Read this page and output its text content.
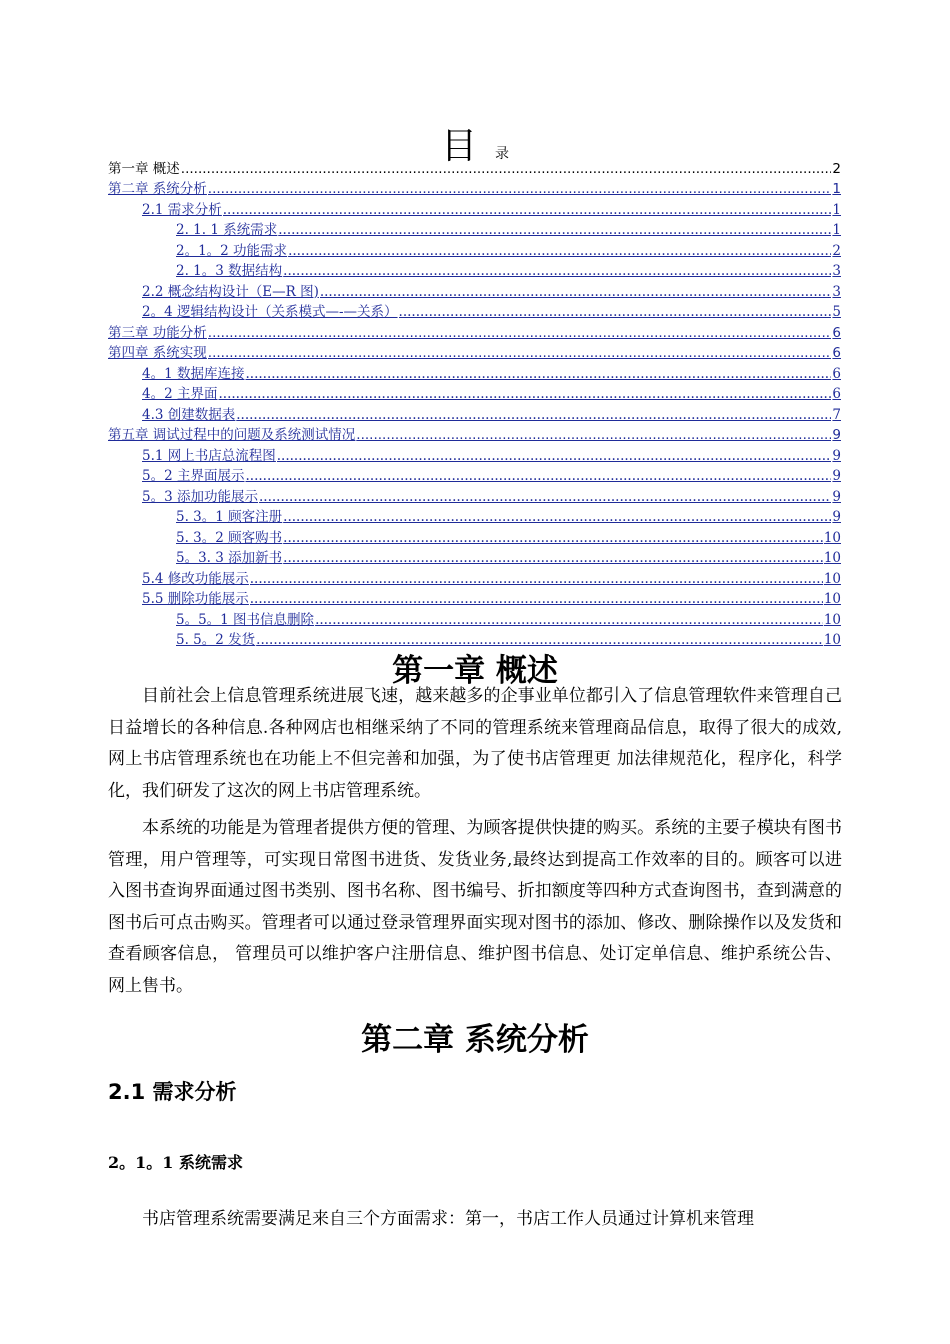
目 录
第一章 概述 .....	2
第二章 系统分析 .....	1
2.1 需求分析 .....	1
2. 1. 1 系统需求 .....	1
2。1。2 功能需求 .....	2
2. 1。3 数据结构 .....	3
2.2 概念结构设计（E—R 图) .....	3
2。4 逻辑结构设计（关系模式—-—关系） .....	5
第三章 功能分析 .....	6
第四章 系统实现 .....	6
4。1 数据库连接 .....	6
4。2 主界面 .....	6
4.3 创建数据表 .....	7
第五章 调试过程中的问题及系统测试情况 .....	9
5.1 网上书店总流程图 .....	9
5。2 主界面展示 .....	9
5。3 添加功能展示 .....	9
5. 3。1 顾客注册 .....	9
5. 3。2 顾客购书 .....	10
5。3. 3 添加新书 .....	10
5.4 修改功能展示 .....	10
5.5 删除功能展示 .....	10
5。5。1 图书信息删除 .....	10
5. 5。2 发货 .....	10
第一章 概述

目前社会上信息管理系统进展飞速，越来越多的企事业单位都引入了信息管理软件来管理自己日益增长的各种信息.各种网店也相继采纳了不同的管理系统来管理商品信息，取得了很大的成效,网上书店管理系统也在功能上不但完善和加强，为了使书店管理更 加法律规范化，程序化，科学化，我们研发了这次的网上书店管理系统。

本系统的功能是为管理者提供方便的管理、为顾客提供快捷的购买。系统的主要子模块有图书管理，用户管理等，可实现日常图书进货、发货业务,最终达到提高工作效率的目的。顾客可以进入图书查询界面通过图书类别、图书名称、图书编号、折扣额度等四种方式查询图书，查到满意的图书后可点击购买。管理者可以通过登录管理界面实现对图书的添加、修改、删除操作以及发货和查看顾客信息， 管理员可以维护客户注册信息、维护图书信息、处订定单信息、维护系统公告、网上售书。

第二章 系统分析
2.1 需求分析
2。1。1 系统需求

书店管理系统需要满足来自三个方面需求：第一，书店工作人员通过计算机来管理
